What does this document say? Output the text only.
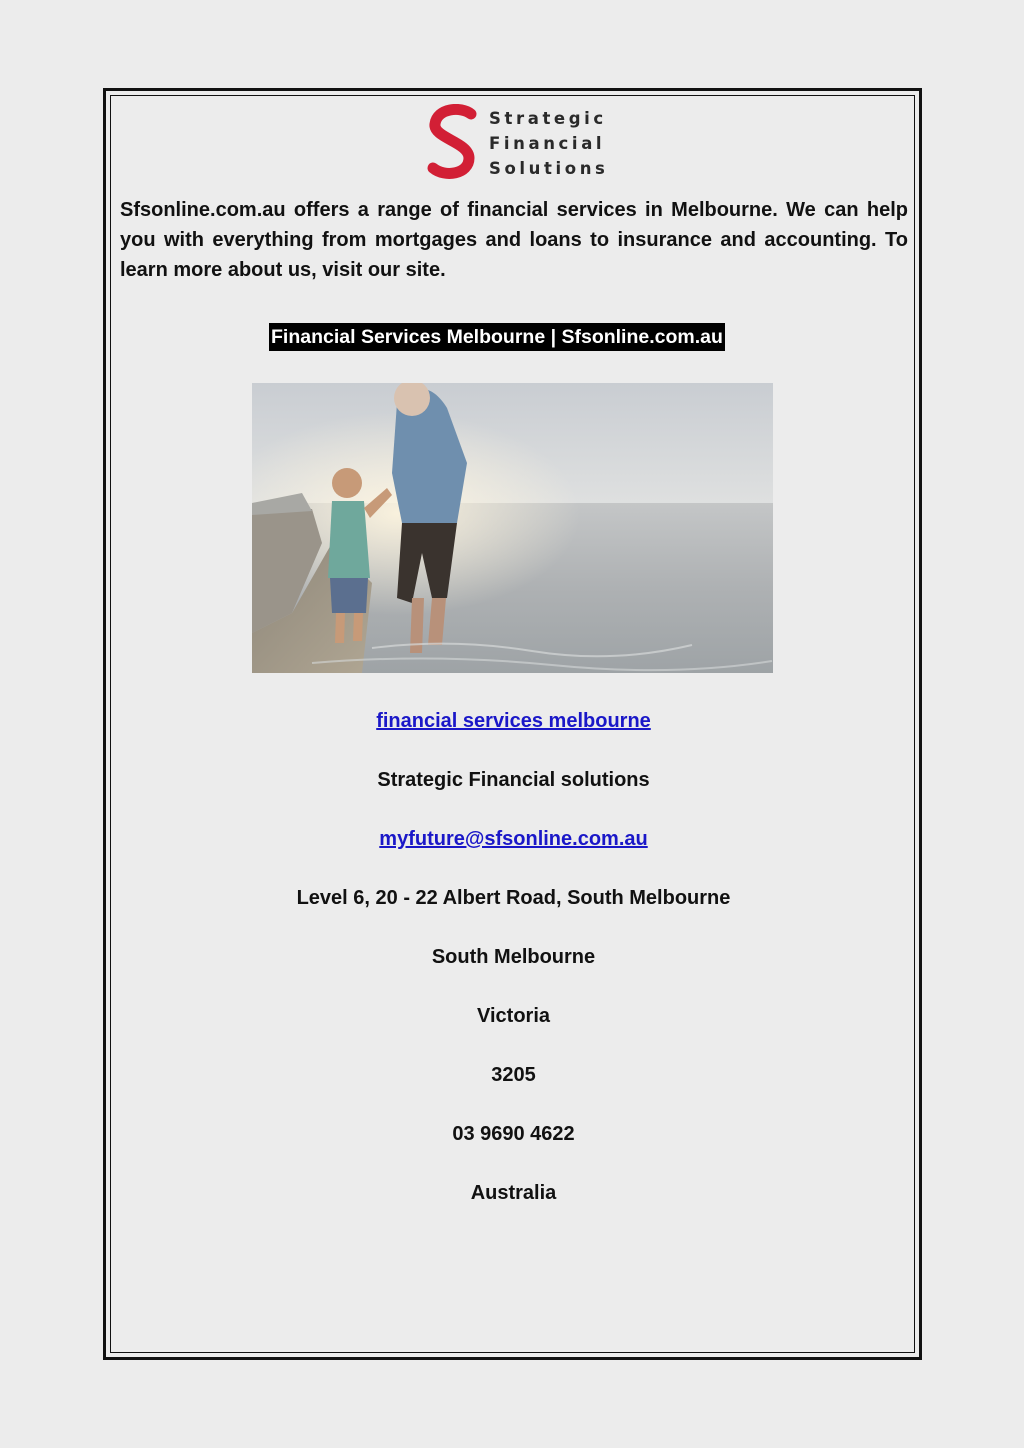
Strategic
Financial
Solutions

Sfsonline.com.au offers a range of financial services in Melbourne. We can help you with everything from mortgages and loans to insurance and accounting. To learn more about us, visit our site.

Financial Services Melbourne | Sfsonline.com.au
financial services melbourne
Strategic Financial solutions
myfuture@sfsonline.com.au
Level 6, 20 - 22 Albert Road, South Melbourne
South Melbourne
Victoria
3205
03 9690 4622
Australia
